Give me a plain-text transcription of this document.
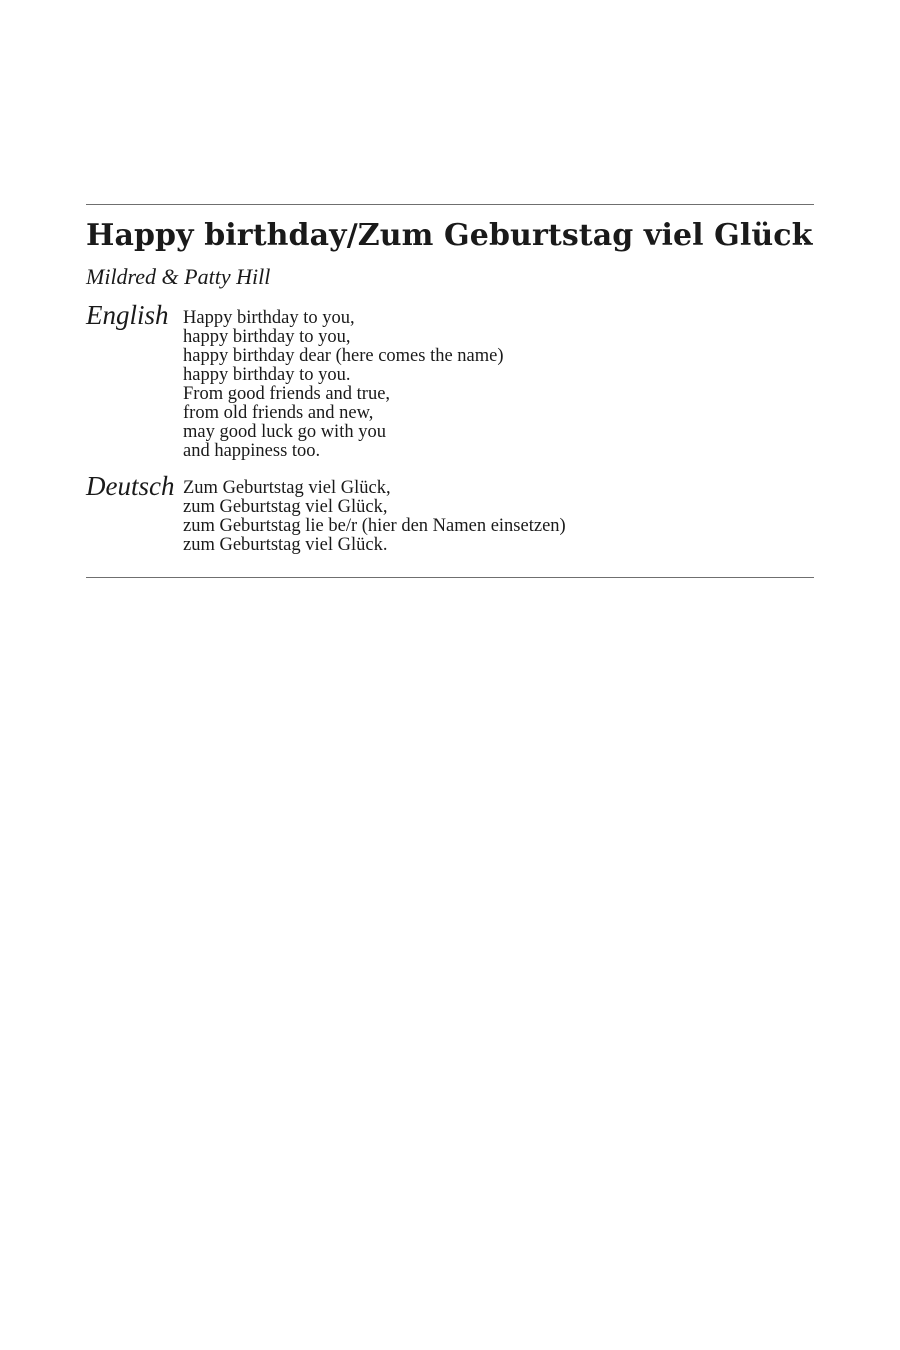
Happy birthday/Zum Geburtstag viel Glück
Mildred & Patty Hill
English Happy birthday to you,
happy birthday to you,
happy birthday dear (here comes the name)
happy birthday to you.
From good friends and true,
from old friends and new,
may good luck go with you
and happiness too.
Deutsch Zum Geburtstag viel Glück,
zum Geburtstag viel Glück,
zum Geburtstag lie be/r (hier den Namen einsetzen)
zum Geburtstag viel Glück.
